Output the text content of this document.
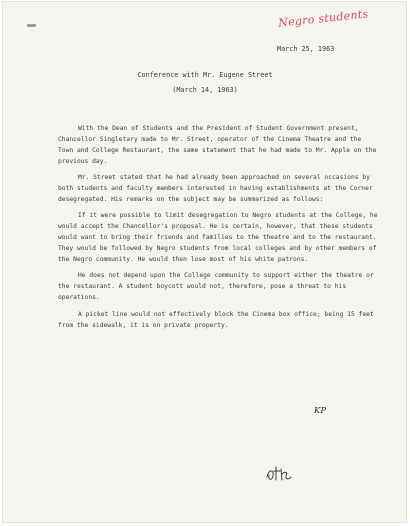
Negro students
March 25, 1963
Conference with Mr. Eugene Street
(March 14, 1963)

With the Dean of Students and the President of Student Government present, Chancellor Singletary made to Mr. Street, operator of the Cinema Theatre and the Town and College Restaurant, the same statement that he had made to Mr. Apple on the previous day.

Mr. Street stated that he had already been approached on several occasions by both students and faculty members interested in having establishments at the Corner desegregated. His remarks on the subject may be summarized as follows:

If it were possible to limit desegregation to Negro students at the College, he would accept the Chancellor's proposal. He is certain, however, that these students would want to bring their friends and families to the theatre and to the restaurant. They would be followed by Negro students from local colleges and by other members of the Negro community. He would then lose most of his white patrons.

He does not depend upon the College community to support either the theatre or the restaurant. A student boycott would not, therefore, pose a threat to his operations.

A picket line would not effectively block the Cinema box office; being 15 feet from the sidewalk, it is on private property.

KP
